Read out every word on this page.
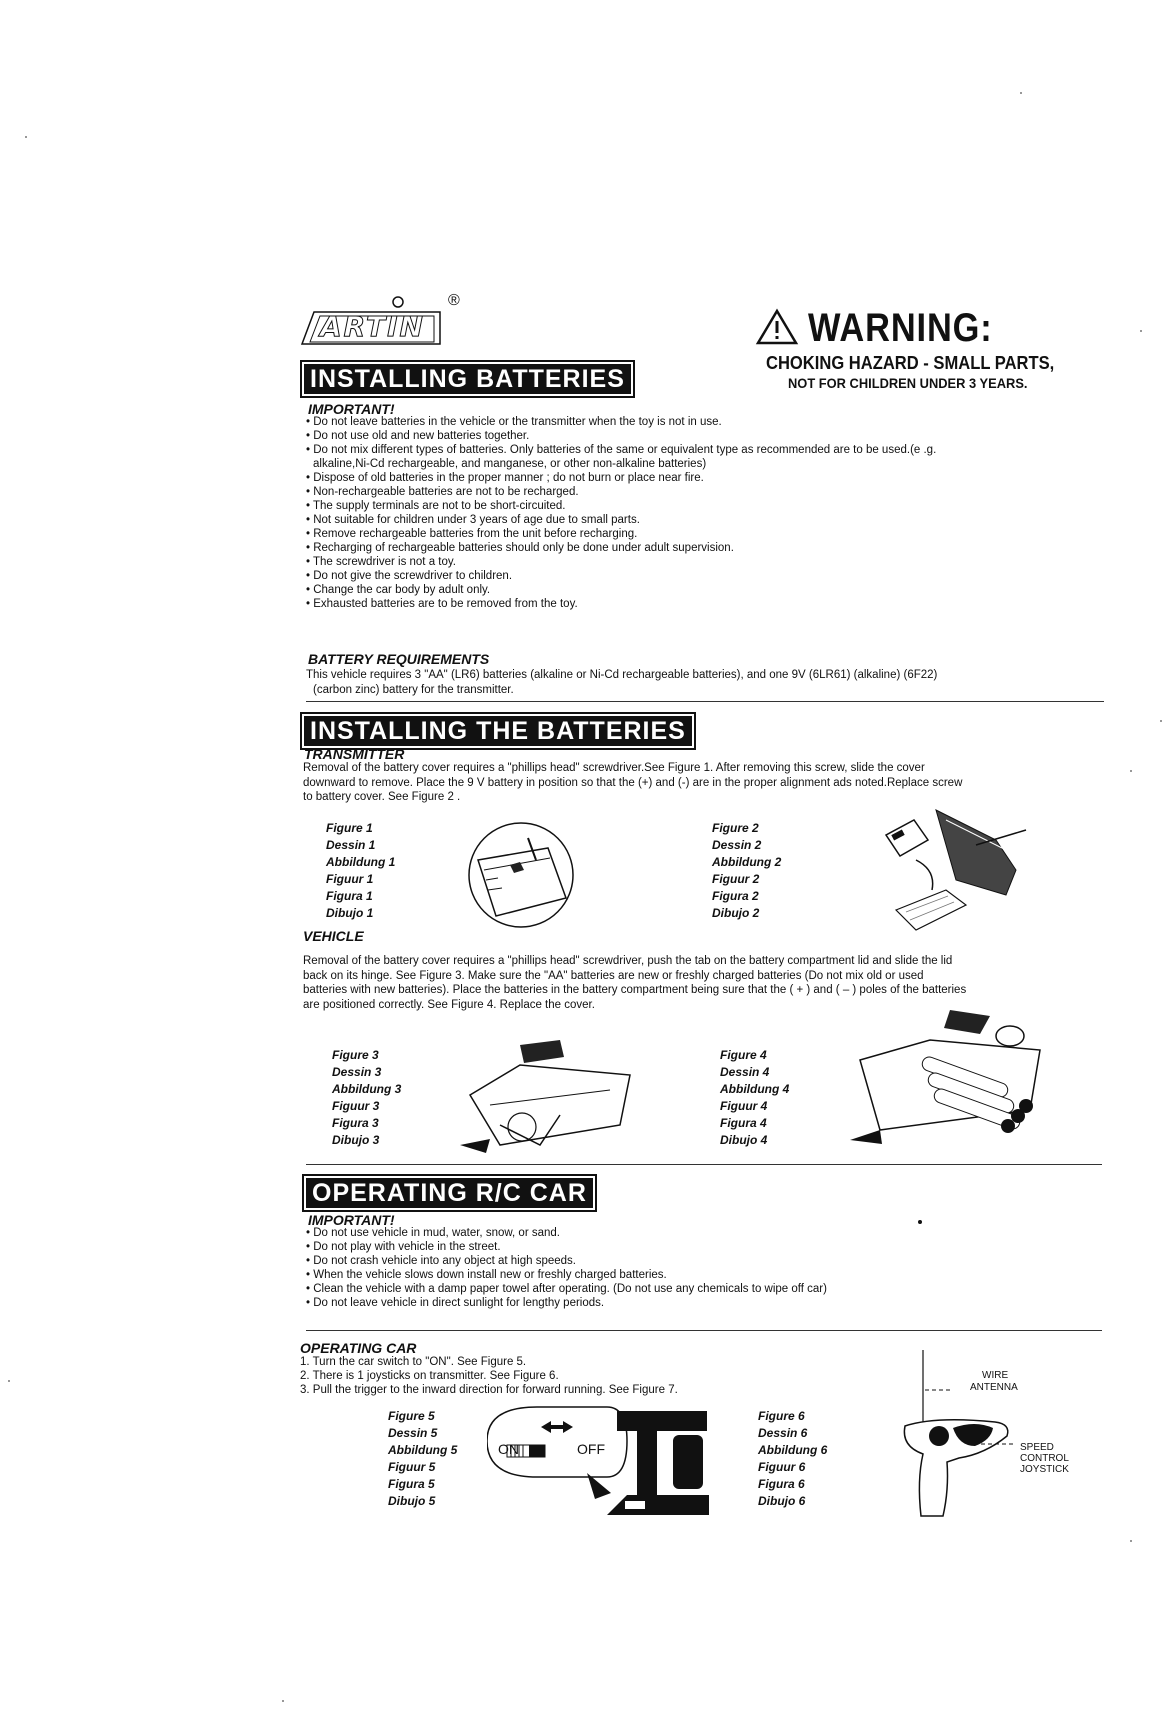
ARTIN
®
WARNING:
CHOKING HAZARD - SMALL PARTS,
NOT FOR CHILDREN UNDER 3 YEARS.
INSTALLING BATTERIES
IMPORTANT!
• Do not leave batteries in the vehicle or the transmitter when the toy is not in use.
• Do not use old and new batteries together.
• Do not mix different types of batteries. Only batteries of the same or equivalent type as recommended are to be used.(e .g.
alkaline,Ni-Cd rechargeable, and manganese, or other non-alkaline batteries)
• Dispose of old batteries in the proper manner ; do not burn or place near fire.
• Non-rechargeable batteries are not to be recharged.
• The supply terminals are not to be short-circuited.
• Not suitable for children under 3 years of age due to small parts.
• Remove rechargeable batteries from the unit before recharging.
• Recharging of rechargeable batteries should only be done under adult supervision.
• The screwdriver is not a toy.
• Do not give the screwdriver to children.
• Change the car body by adult only.
• Exhausted batteries are to be removed from the toy.
BATTERY REQUIREMENTS
This vehicle requires 3 "AA" (LR6) batteries (alkaline or Ni-Cd rechargeable batteries), and one 9V (6LR61) (alkaline) (6F22)
(carbon zinc) battery for the transmitter.
INSTALLING THE BATTERIES
TRANSMITTER
Removal of the battery cover requires a "phillips head" screwdriver.See Figure 1. After removing this screw, slide the cover
downward to remove. Place the 9 V battery in position so that the (+) and (-) are in the proper alignment ads noted.Replace screw
to battery cover. See Figure 2 .
Figure 1
Dessin 1
Abbildung 1
Figuur 1
Figura 1
Dibujo 1
Figure 2
Dessin 2
Abbildung 2
Figuur 2
Figura 2
Dibujo 2
VEHICLE
Removal of the battery cover requires a "phillips head" screwdriver, push the tab on the battery compartment lid and slide the lid
back on its hinge. See Figure 3. Make sure the "AA" batteries are new or freshly charged batteries (Do not mix old or used
batteries with new batteries). Place the batteries in the battery compartment being sure that the ( + ) and ( – ) poles of the batteries
are positioned correctly. See Figure 4. Replace the cover.
Figure 3
Dessin 3
Abbildung 3
Figuur 3
Figura 3
Dibujo 3
Figure 4
Dessin 4
Abbildung 4
Figuur 4
Figura 4
Dibujo 4
OPERATING R/C CAR
IMPORTANT!
• Do not use vehicle in mud, water, snow, or sand.
• Do not play with vehicle in the street.
• Do not crash vehicle into any object at high speeds.
• When the vehicle slows down install new or freshly charged batteries.
• Clean the vehicle with a damp paper towel after operating. (Do not use any chemicals to wipe off car)
• Do not leave vehicle in direct sunlight for lengthy periods.
OPERATING CAR
1. Turn the car switch to "ON". See Figure 5.
2. There is 1 joysticks on transmitter. See Figure 6.
3. Pull the trigger to the inward direction for forward running. See Figure 7.
Figure 5
Dessin 5
Abbildung 5
Figuur 5
Figura 5
Dibujo 5
ON	OFF
Figure 6
Dessin 6
Abbildung 6
Figuur 6
Figura 6
Dibujo 6
WIRE
ANTENNA
SPEED
CONTROL
JOYSTICK
